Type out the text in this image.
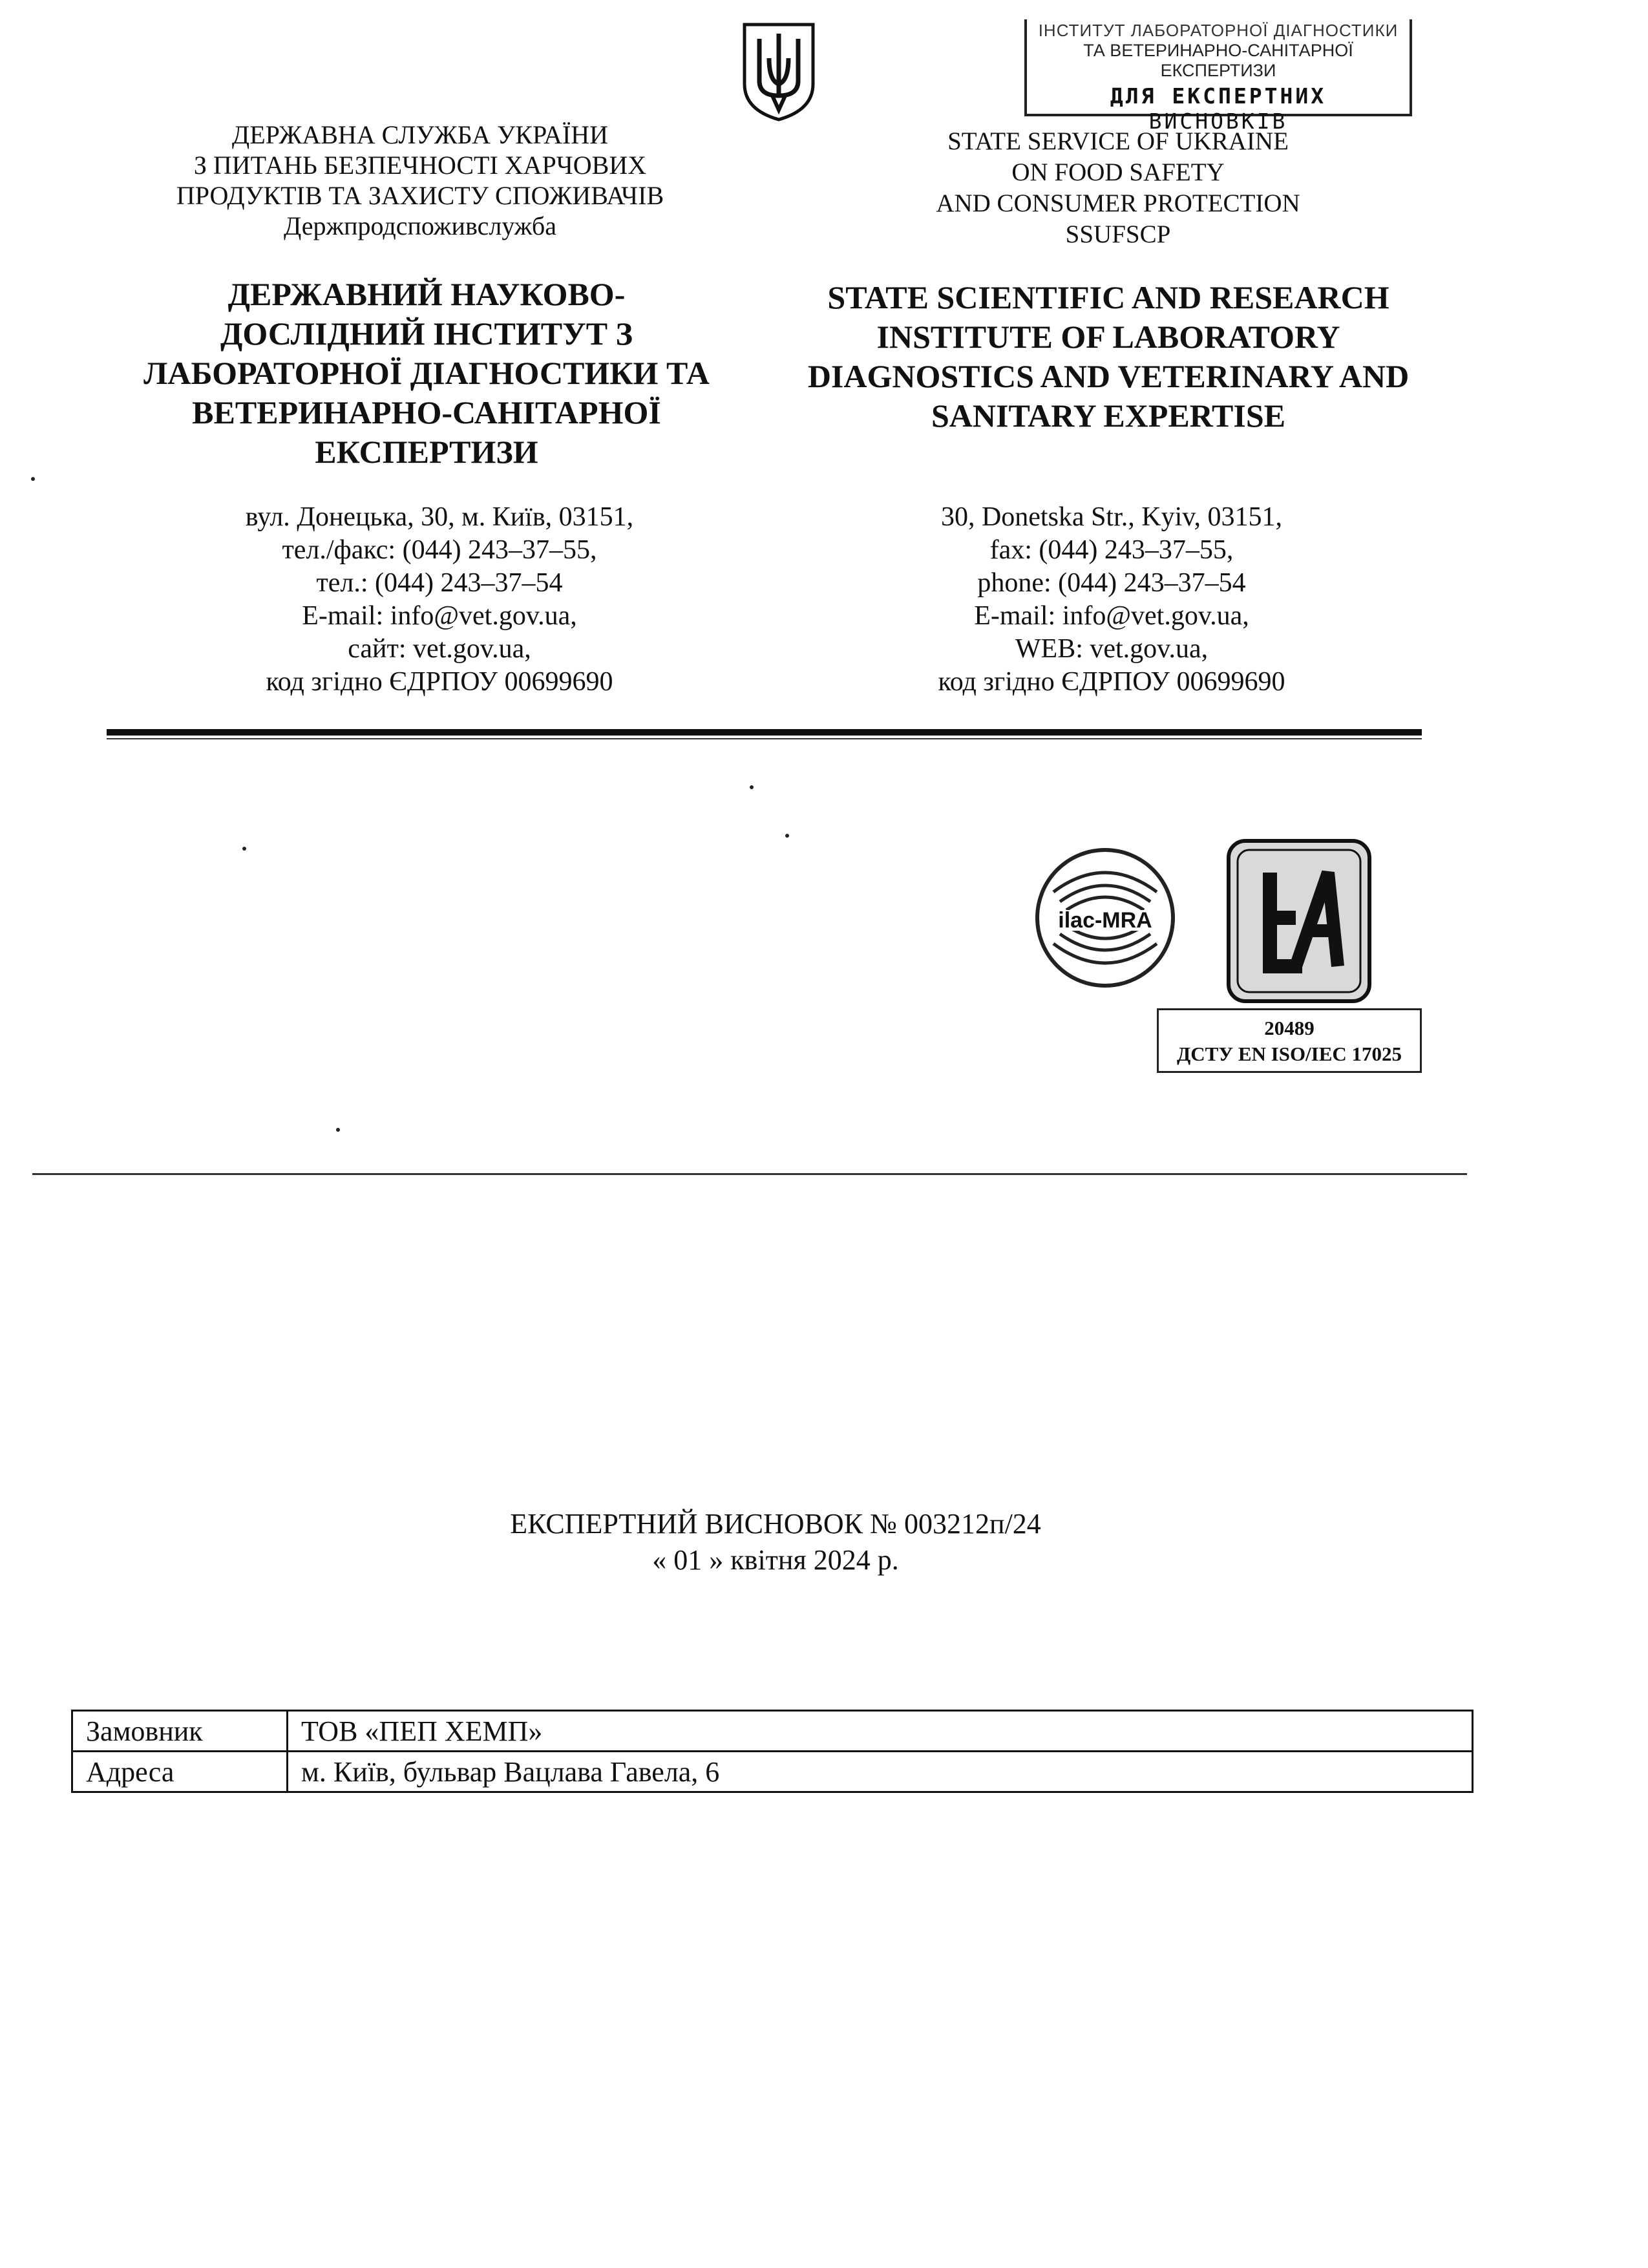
ІНСТИТУТ ЛАБОРАТОРНОЇ ДІАГНОСТИКИ
ТА ВЕТЕРИНАРНО-САНІТАРНОЇ ЕКСПЕРТИЗИ
ДЛЯ ЕКСПЕРТНИХ
ВИСНОВКІВ
ДЕРЖАВНА СЛУЖБА УКРАЇНИ
З ПИТАНЬ БЕЗПЕЧНОСТІ ХАРЧОВИХ
ПРОДУКТІВ ТА ЗАХИСТУ СПОЖИВАЧІВ
Держпродспоживслужба
STATE SERVICE OF UKRAINE
ON FOOD SAFETY
AND CONSUMER PROTECTION
SSUFSCP
ДЕРЖАВНИЙ НАУКОВО-
ДОСЛІДНИЙ ІНСТИТУТ З
ЛАБОРАТОРНОЇ ДІАГНОСТИКИ ТА
ВЕТЕРИНАРНО-САНІТАРНОЇ
ЕКСПЕРТИЗИ
STATE SCIENTIFIC AND RESEARCH
INSTITUTE OF LABORATORY
DIAGNOSTICS AND VETERINARY AND
SANITARY EXPERTISE
вул. Донецька, 30, м. Київ, 03151,
тел./факс: (044) 243–37–55,
тел.: (044) 243–37–54
E-mail: info@vet.gov.ua,
сайт: vet.gov.ua,
код згідно ЄДРПОУ 00699690
30, Donetska Str., Kyiv, 03151,
fax: (044) 243–37–55,
phone: (044) 243–37–54
E-mail: info@vet.gov.ua,
WEB: vet.gov.ua,
код згідно ЄДРПОУ 00699690
ilac-MRA
20489
ДСТУ EN ISO/IEC 17025
ЕКСПЕРТНИЙ ВИСНОВОК № 003212п/24
« 01 » квітня 2024 р.
Замовник	ТОВ «ПЕП ХЕМП»
Адреса	м. Київ, бульвар Вацлава Гавела, 6
